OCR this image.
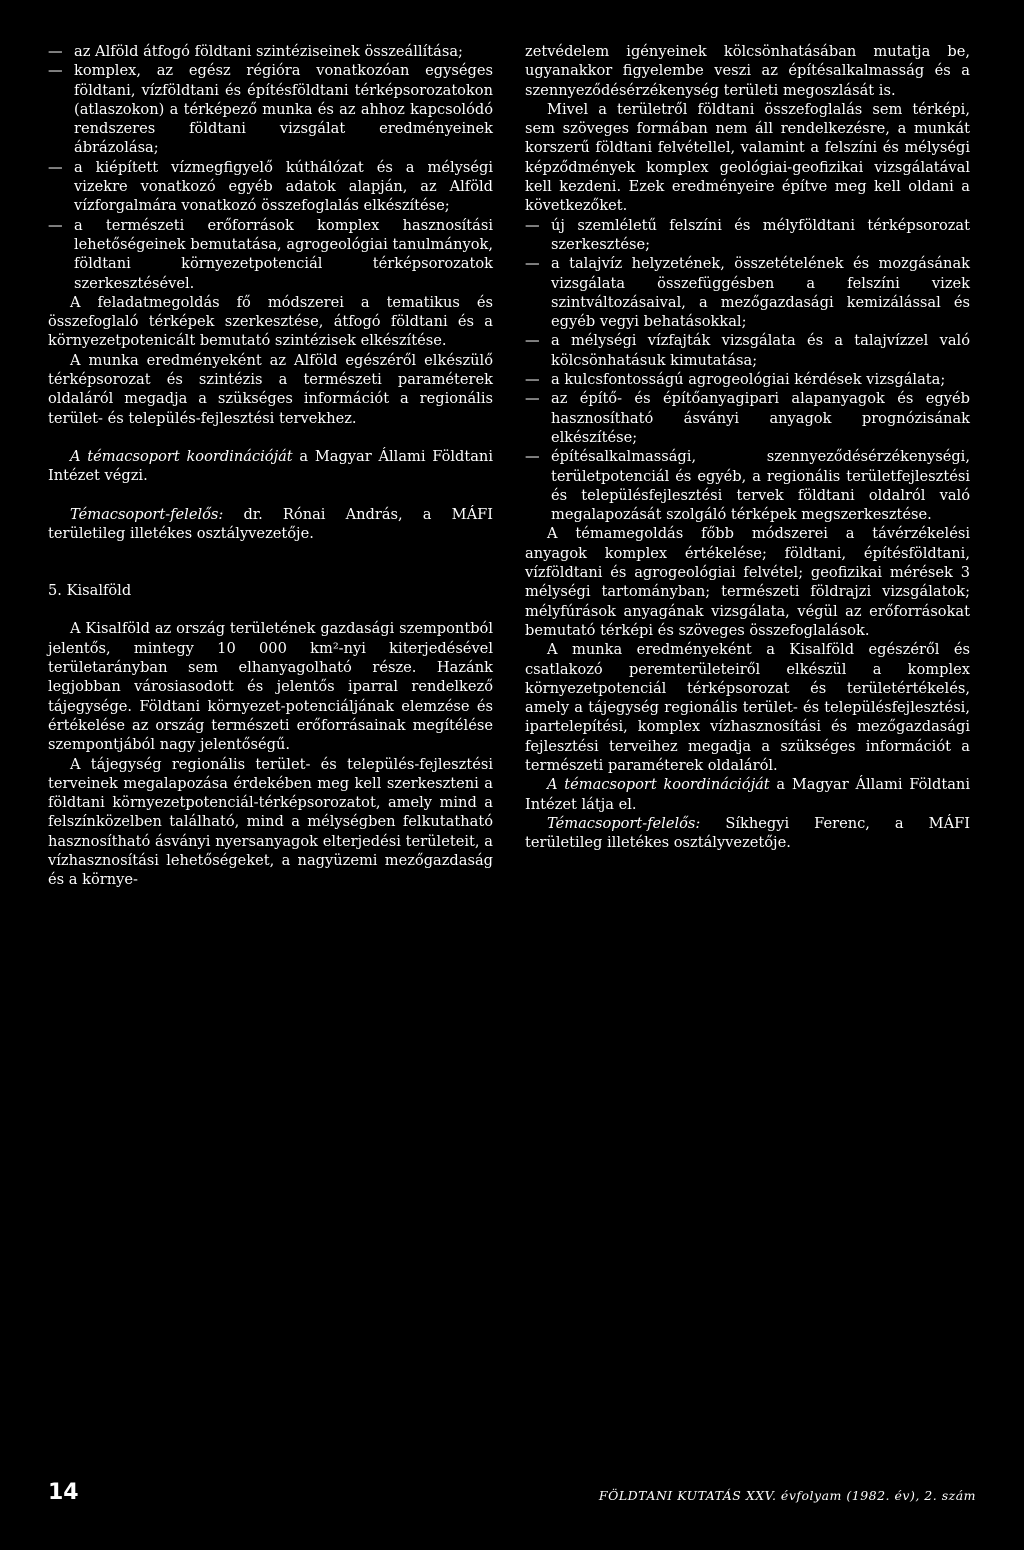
— az Alföld átfogó földtani szintéziseinek összeállítása;
— komplex, az egész régióra vonatkozóan egységes földtani, vízföldtani és építésföldtani térképsorozatokon (atlaszokon) a térképező munka és az ahhoz kapcsolódó rendszeres földtani vizsgálat eredményeinek ábrázolása;
— a kiépített vízmegfigyelő kúthálózat és a mélységi vizekre vonatkozó egyéb adatok alapján, az Alföld vízforgalmára vonatkozó összefoglalás elkészítése;
— a természeti erőforrások komplex hasznosítási lehetőségeinek bemutatása, agrogeológiai tanulmányok, földtani környezetpotenciál térképsorozatok szerkesztésével.

A feladatmegoldás fő módszerei a tematikus és összefoglaló térképek szerkesztése, átfogó földtani és a környezetpotenicált bemutató szintézisek elkészítése.

A munka eredményeként az Alföld egészéről elkészülő térképsorozat és szintézis a természeti paraméterek oldaláról megadja a szükséges információt a regionális terület- és település-fejlesztési tervekhez.

A témacsoport koordinációját a Magyar Állami Földtani Intézet végzi.

Témacsoport-felelős: dr. Rónai András, a MÁFI területileg illetékes osztályvezetője.

5. Kisalföld

A Kisalföld az ország területének gazdasági szempontból jelentős, mintegy 10 000 km²-nyi kiterjedésével területarányban sem elhanyagolható része. Hazánk legjobban városiasodott és jelentős iparral rendelkező tájegysége. Földtani környezet-potenciáljának elemzése és értékelése az ország természeti erőforrásainak megítélése szempontjából nagy jelentőségű.

A tájegység regionális terület- és település-fejlesztési terveinek megalapozása érdekében meg kell szerkeszteni a földtani környezetpotenciál-térképsorozatot, amely mind a felszínközelben található, mind a mélységben felkutatható hasznosítható ásványi nyersanyagok elterjedési területeit, a vízhasznosítási lehetőségeket, a nagyüzemi mezőgazdaság és a környe-

zetvédelem igényeinek kölcsönhatásában mutatja be, ugyanakkor figyelembe veszi az építésalkalmasság és a szennyeződésérzékenység területi megoszlását is.

Mivel a területről földtani összefoglalás sem térképi, sem szöveges formában nem áll rendelkezésre, a munkát korszerű földtani felvétellel, valamint a felszíni és mélységi képződmények komplex geológiai-geofizikai vizsgálatával kell kezdeni. Ezek eredményeire építve meg kell oldani a következőket.

— új szemléletű felszíni és mélyföldtani térképsorozat szerkesztése;
— a talajvíz helyzetének, összetételének és mozgásának vizsgálata összefüggésben a felszíni vizek szintváltozásaival, a mezőgazdasági kemizálással és egyéb vegyi behatásokkal;
— a mélységi vízfajták vizsgálata és a talajvízzel való kölcsönhatásuk kimutatása;
— a kulcsfontosságú agrogeológiai kérdések vizsgálata;
— az építő- és építőanyagipari alapanyagok és egyéb hasznosítható ásványi anyagok prognózisának elkészítése;
— építésalkalmassági, szennyeződésérzékenységi, területpotenciál és egyéb, a regionális területfejlesztési és településfejlesztési tervek földtani oldalról való megalapozását szolgáló térképek megszerkesztése.

A témamegoldás főbb módszerei a távérzékelési anyagok komplex értékelése; földtani, építésföldtani, vízföldtani és agrogeológiai felvétel; geofizikai mérések 3 mélységi tartományban; természeti földrajzi vizsgálatok; mélyfúrások anyagának vizsgálata, végül az erőforrásokat bemutató térképi és szöveges összefoglalások.

A munka eredményeként a Kisalföld egészéről és csatlakozó peremterületeiről elkészül a komplex környezetpotenciál térképsorozat és területértékelés, amely a tájegység regionális terület- és településfejlesztési, ipartelepítési, komplex vízhasznosítási és mezőgazdasági fejlesztési terveihez megadja a szükséges információt a természeti paraméterek oldaláról.

A témacsoport koordinációját a Magyar Állami Földtani Intézet látja el.

Témacsoport-felelős: Síkhegyi Ferenc, a MÁFI területileg illetékes osztályvezetője.

14	FÖLDTANI KUTATÁS XXV. évfolyam (1982. év), 2. szám
